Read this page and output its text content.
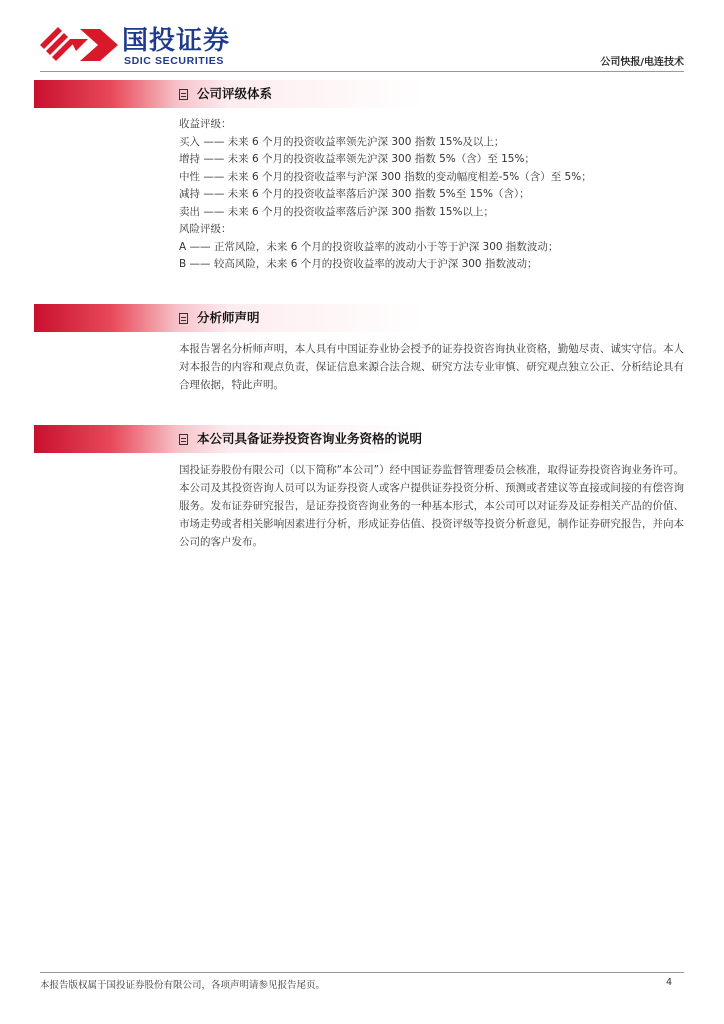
国投证券
SDIC SECURITIES	公司快报/电连技术
公司评级体系
收益评级：
买入 —— 未来 6 个月的投资收益率领先沪深 300 指数 15%及以上；
增持 —— 未来 6 个月的投资收益率领先沪深 300 指数 5%（含）至 15%；
中性 —— 未来 6 个月的投资收益率与沪深 300 指数的变动幅度相差-5%（含）至 5%；
减持 —— 未来 6 个月的投资收益率落后沪深 300 指数 5%至 15%（含）；
卖出 —— 未来 6 个月的投资收益率落后沪深 300 指数 15%以上；
风险评级：
A —— 正常风险，未来 6 个月的投资收益率的波动小于等于沪深 300 指数波动；
B —— 较高风险，未来 6 个月的投资收益率的波动大于沪深 300 指数波动；
分析师声明
本报告署名分析师声明，本人具有中国证券业协会授予的证券投资咨询执业资格，勤勉尽责、诚实守信。本人对本报告的内容和观点负责，保证信息来源合法合规、研究方法专业审慎、研究观点独立公正、分析结论具有合理依据，特此声明。
本公司具备证券投资咨询业务资格的说明
国投证券股份有限公司（以下简称“本公司”）经中国证券监督管理委员会核准，取得证券投资咨询业务许可。本公司及其投资咨询人员可以为证券投资人或客户提供证券投资分析、预测或者建议等直接或间接的有偿咨询服务。发布证券研究报告，是证券投资咨询业务的一种基本形式，本公司可以对证券及证券相关产品的价值、市场走势或者相关影响因素进行分析，形成证券估值、投资评级等投资分析意见，制作证券研究报告，并向本公司的客户发布。
本报告版权属于国投证券股份有限公司，各项声明请参见报告尾页。	4
